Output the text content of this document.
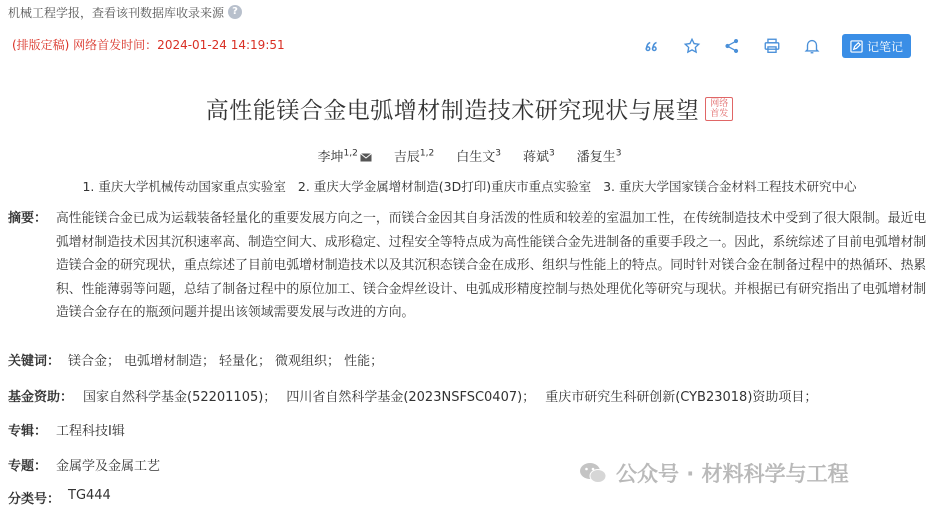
机械工程学报，查看该刊数据库收录来源 ?
(排版定稿) 网络首发时间：2024-01-24 14:19:51	记笔记
高性能镁合金电弧增材制造技术研究现状与展望	网络
首发
李坤$^{1,2}$	吉辰$^{1,2}$ 白生文$^3$ 蒋斌$^3$ 潘复生$^3$
1. 重庆大学机械传动国家重点实验室 2. 重庆大学金属增材制造(3D打印)重庆市重点实验室 3. 重庆大学国家镁合金材料工程技术研究中心
摘要： 高性能镁合金已成为运载装备轻量化的重要发展方向之一，而镁合金因其自身活泼的性质和较差的室温加工性，在传统制造技术中受到了很大限制。最近电弧增材制造技术因其沉积速率高、制造空间大、成形稳定、过程安全等特点成为高性能镁合金先进制备的重要手段之一。因此，系统综述了目前电弧增材制造镁合金的研究现状，重点综述了目前电弧增材制造技术以及其沉积态镁合金在成形、组织与性能上的特点。同时针对镁合金在制备过程中的热循环、热累积、性能薄弱等问题，总结了制备过程中的原位加工、镁合金焊丝设计、电弧成形精度控制与热处理优化等研究与现状。并根据已有研究指出了电弧增材制造镁合金存在的瓶颈问题并提出该领域需要发展与改进的方向。
关键词： 镁合金； 电弧增材制造； 轻量化； 微观组织； 性能；
基金资助： 国家自然科学基金(52201105)； 四川省自然科学基金(2023NSFSC0407)； 重庆市研究生科研创新(CYB23018)资助项目；
专辑： 工程科技Ⅰ辑
专题： 金属学及金属工艺
分类号： TG444
公众号 · 材料科学与工程
